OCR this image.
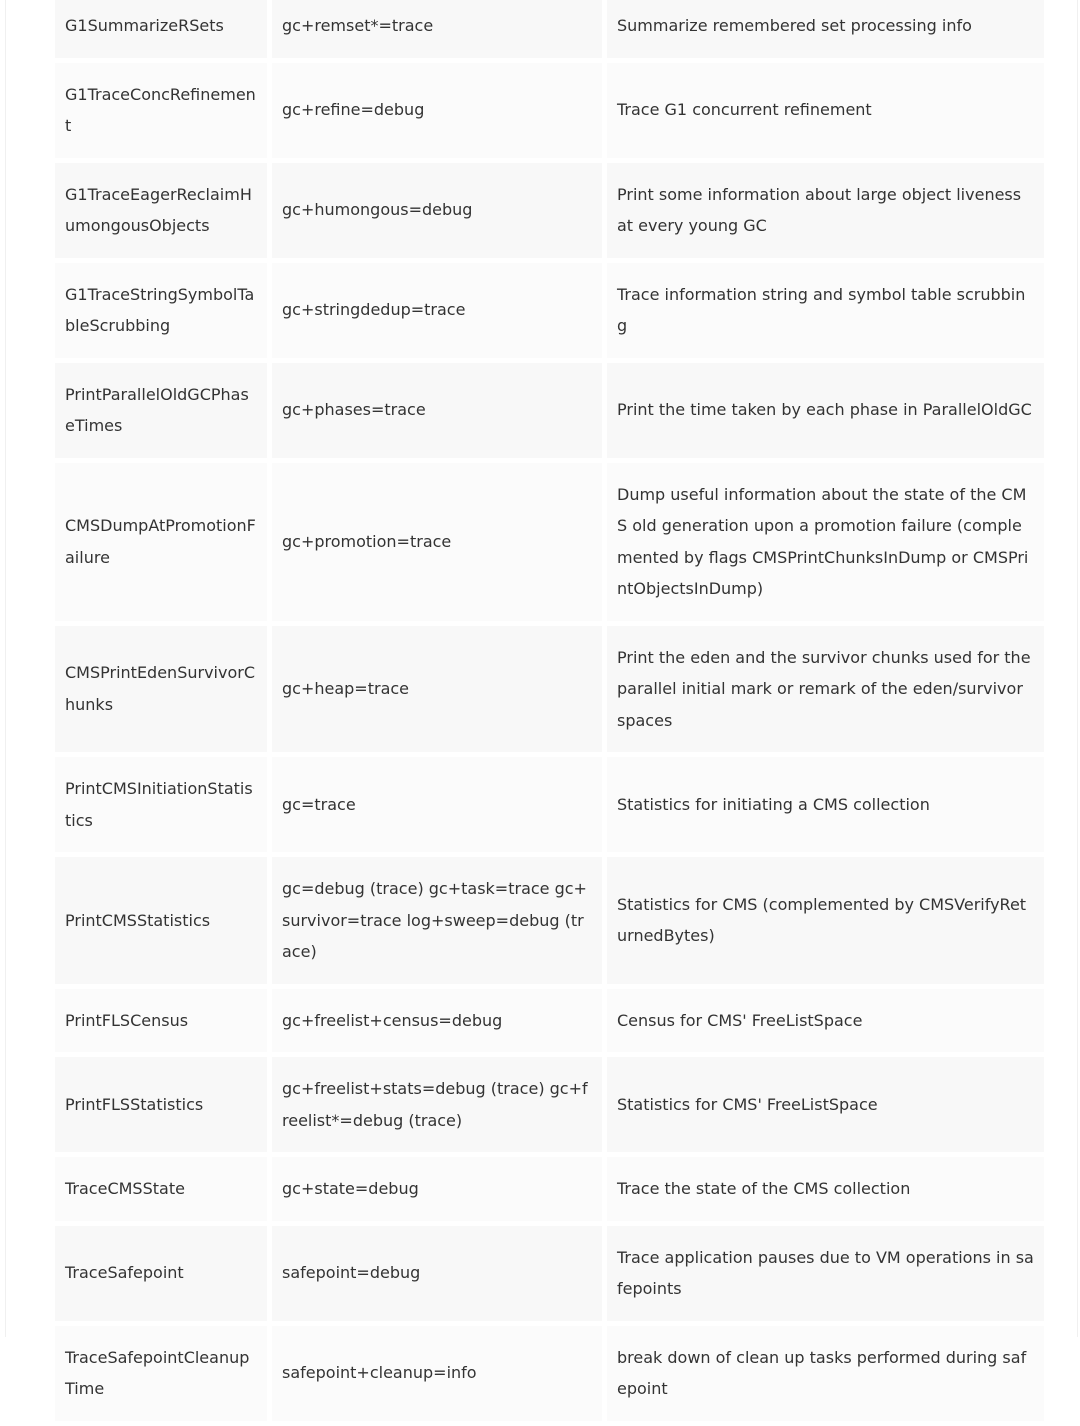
G1SummarizeRSets	gc+remset*=trace	Summarize remembered set processing info
G1TraceConcRefinement	gc+refine=debug	Trace G1 concurrent refinement
G1TraceEagerReclaimHumongousObjects	gc+humongous=debug	Print some information about large object liveness at every young GC
G1TraceStringSymbolTableScrubbing	gc+stringdedup=trace	Trace information string and symbol table scrubbing
PrintParallelOldGCPhaseTimes	gc+phases=trace	Print the time taken by each phase in ParallelOldGC
CMSDumpAtPromotionFailure	gc+promotion=trace	Dump useful information about the state of the CMS old generation upon a promotion failure (complemented by flags CMSPrintChunksInDump or CMSPrintObjectsInDump)
CMSPrintEdenSurvivorChunks	gc+heap=trace	Print the eden and the survivor chunks used for the parallel initial mark or remark of the eden/survivor spaces
PrintCMSInitiationStatistics	gc=trace	Statistics for initiating a CMS collection
PrintCMSStatistics	gc=debug (trace) gc+task=trace gc+survivor=trace log+sweep=debug (trace)	Statistics for CMS (complemented by CMSVerifyReturnedBytes)
PrintFLSCensus	gc+freelist+census=debug	Census for CMS' FreeListSpace
PrintFLSStatistics	gc+freelist+stats=debug (trace) gc+freelist*=debug (trace)	Statistics for CMS' FreeListSpace
TraceCMSState	gc+state=debug	Trace the state of the CMS collection
TraceSafepoint	safepoint=debug	Trace application pauses due to VM operations in safepoints
TraceSafepointCleanupTime	safepoint+cleanup=info	break down of clean up tasks performed during safepoint
